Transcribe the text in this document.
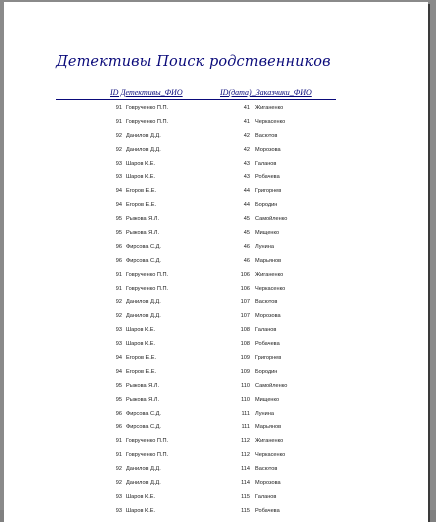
Детективы Поиск родственников
ID Детективы_ФИО	ID(дата)_Заказчики_ФИО
91 Говрученко П.П.	41 Жиганенко
91 Говрученко П.П.	41 Черкасенко
92 Данилов Д.Д.	42 Васютов
92 Данилов Д.Д.	42 Морозова
93 Шаров К.Е.	43 Галанов
93 Шаров К.Е.	43 Робачева
94 Егоров Е.Е.	44 Григорнев
94 Егоров Е.Е.	44 Бородин
95 Рыжова Я.Л.	45 Самойленко
95 Рыжова Я.Л.	45 Мищенко
96 Фирсова С.Д.	46 Лунина
96 Фирсова С.Д.	46 Марьянов
91 Говрученко П.П.	106 Жиганенко
91 Говрученко П.П.	106 Черкасенко
92 Данилов Д.Д.	107 Васютов
92 Данилов Д.Д.	107 Морозова
93 Шаров К.Е.	108 Галанов
93 Шаров К.Е.	108 Робачева
94 Егоров Е.Е.	109 Григорнев
94 Егоров Е.Е.	109 Бородин
95 Рыжова Я.Л.	110 Самойленко
95 Рыжова Я.Л.	110 Мищенко
96 Фирсова С.Д.	111 Лунина
96 Фирсова С.Д.	111 Марьянов
91 Говрученко П.П.	112 Жиганенко
91 Говрученко П.П.	112 Черкасенко
92 Данилов Д.Д.	114 Васютов
92 Данилов Д.Д.	114 Морозова
93 Шаров К.Е.	115 Галанов
93 Шаров К.Е.	115 Робачева
